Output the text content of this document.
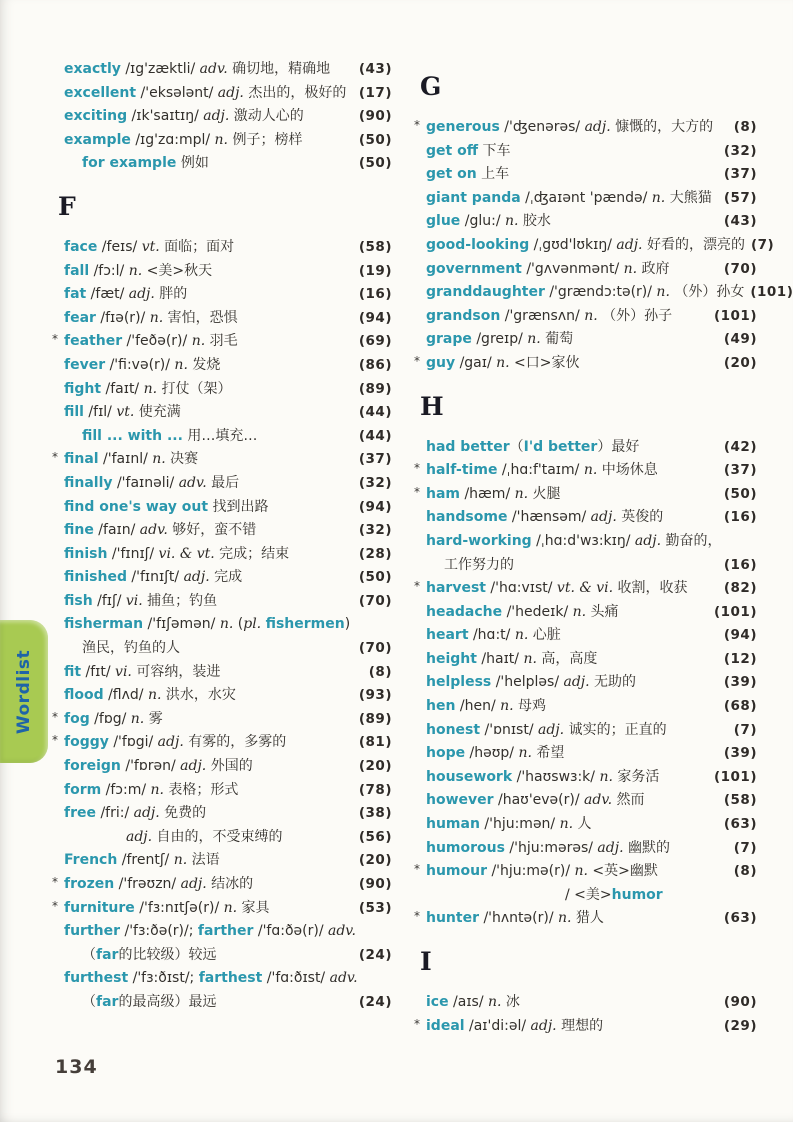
Wordlist
exactly /ɪg'zæktli/ adv. 确切地，精确地	(43)
excellent /'eksələnt/ adj. 杰出的，极好的 (17)
exciting /ɪk'saɪtɪŋ/ adj. 激动人心的	(90)
example /ɪg'zɑ:mpl/ n. 例子；榜样	(50)
for example 例如	(50)
F
face /feɪs/ vt. 面临；面对	(58)
fall /fɔ:l/ n. <美>秋天	(19)
fat /fæt/ adj. 胖的	(16)
fear /fɪə(r)/ n. 害怕，恐惧	(94)
* feather /'feðə(r)/ n. 羽毛	(69)
fever /'fi:və(r)/ n. 发烧	(86)
fight /faɪt/ n. 打仗（架）	(89)
fill /fɪl/ vt. 使充满	(44)
fill ... with ... 用…填充…	(44)
* final /'faɪnl/ n. 决赛	(37)
finally /'faɪnəli/ adv. 最后	(32)
find one's way out 找到出路	(94)
fine /faɪn/ adv. 够好，蛮不错	(32)
finish /'fɪnɪʃ/ vi. & vt. 完成；结束	(28)
finished /'fɪnɪʃt/ adj. 完成	(50)
fish /fɪʃ/ vi. 捕鱼；钓鱼	(70)
fisherman /'fɪʃəmən/ n. (pl. fishermen)
渔民，钓鱼的人	(70)
fit /fɪt/ vi. 可容纳，装进	(8)
flood /flʌd/ n. 洪水，水灾	(93)
* fog /fɒg/ n. 雾	(89)
* foggy /'fɒgi/ adj. 有雾的，多雾的	(81)
foreign /'fɒrən/ adj. 外国的	(20)
form /fɔ:m/ n. 表格；形式	(78)
free /fri:/ adj. 免费的	(38)
adj. 自由的，不受束缚的	(56)
French /frentʃ/ n. 法语	(20)
* frozen /'frəʊzn/ adj. 结冰的	(90)
* furniture /'fɜ:nɪtʃə(r)/ n. 家具	(53)
further /'fɜ:ðə(r)/; farther /'fɑ:ðə(r)/ adv.
（far的比较级）较远	(24)
furthest /'fɜ:ðɪst/; farthest /'fɑ:ðɪst/ adv.
（far的最高级）最远	(24)
G
* generous /'ʤenərəs/ adj. 慷慨的，大方的	(8)
get off 下车	(32)
get on 上车	(37)
giant panda /ˌʤaɪənt 'pændə/ n. 大熊猫 (57)
glue /glu:/ n. 胶水	(43)
good-looking /ˌgʊd'lʊkɪŋ/ adj. 好看的，漂亮的 (7)
government /'gʌvənmənt/ n. 政府	(70)
granddaughter /'grændɔ:tə(r)/ n. （外）孙女 (101)
grandson /'grænsʌn/ n. （外）孙子	(101)
grape /greɪp/ n. 葡萄	(49)
* guy /gaɪ/ n. <口>家伙	(20)
H
had better（I'd better）最好	(42)
* half-time /ˌhɑ:f'taɪm/ n. 中场休息	(37)
* ham /hæm/ n. 火腿	(50)
handsome /'hænsəm/ adj. 英俊的	(16)
hard-working /ˌhɑ:d'wɜ:kɪŋ/ adj. 勤奋的，
工作努力的	(16)
* harvest /'hɑ:vɪst/ vt. & vi. 收割，收获	(82)
headache /'hedeɪk/ n. 头痛	(101)
heart /hɑ:t/ n. 心脏	(94)
height /haɪt/ n. 高，高度	(12)
helpless /'helpləs/ adj. 无助的	(39)
hen /hen/ n. 母鸡	(68)
honest /'ɒnɪst/ adj. 诚实的；正直的	(7)
hope /həʊp/ n. 希望	(39)
housework /'haʊswɜ:k/ n. 家务活	(101)
however /haʊ'evə(r)/ adv. 然而	(58)
human /'hju:mən/ n. 人	(63)
humorous /'hju:mərəs/ adj. 幽默的	(7)
* humour /'hju:mə(r)/ n. <英>幽默	(8)
/ <美>humor
* hunter /'hʌntə(r)/ n. 猎人	(63)
I
ice /aɪs/ n. 冰	(90)
* ideal /aɪ'di:əl/ adj. 理想的	(29)
134
